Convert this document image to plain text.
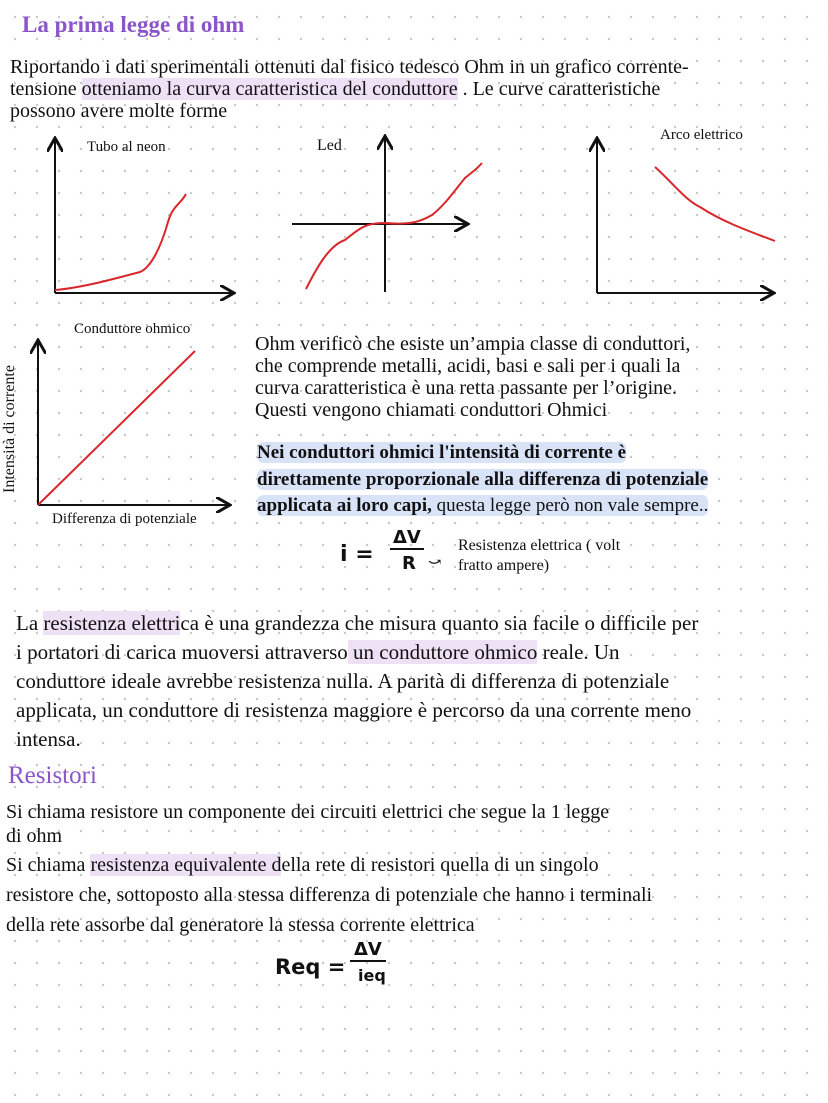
La prima legge di ohm
Riportando i dati sperimentali ottenuti dal fisico tedesco Ohm in un grafico corrente-
tensione otteniamo la curva caratteristica del conduttore . Le curve caratteristiche
possono avere molte forme
Tubo al neon	Led
Arco elettrico
Conduttore ohmico
Differenza di potenziale
Intensità di corrente
Ohm verificò che esiste un’ampia classe di conduttori,
che comprende metalli, acidi, basi e sali per i quali la
curva caratteristica è una retta passante per l’origine.
Questi vengono chiamati conduttori Ohmici
Nei conduttori ohmici l'intensità di corrente è
direttamente proporzionale alla differenza di potenziale
applicata ai loro capi, questa legge però non vale sempre..
i =
ΔV
R ⤻
Resistenza elettrica ( volt
fratto ampere)
La resistenza elettrica è una grandezza che misura quanto sia facile o difficile per
i portatori di carica muoversi attraverso un conduttore ohmico reale. Un
conduttore ideale avrebbe resistenza nulla. A parità di differenza di potenziale
applicata, un conduttore di resistenza maggiore è percorso da una corrente meno
intensa.
Resistori
Si chiama resistore un componente dei circuiti elettrici che segue la 1 legge
di ohm
Si chiama resistenza equivalente della rete di resistori quella di un singolo
resistore che, sottoposto alla stessa differenza di potenziale che hanno i terminali
della rete assorbe dal generatore la stessa corrente elettrica
Req =
ΔV
ieq
